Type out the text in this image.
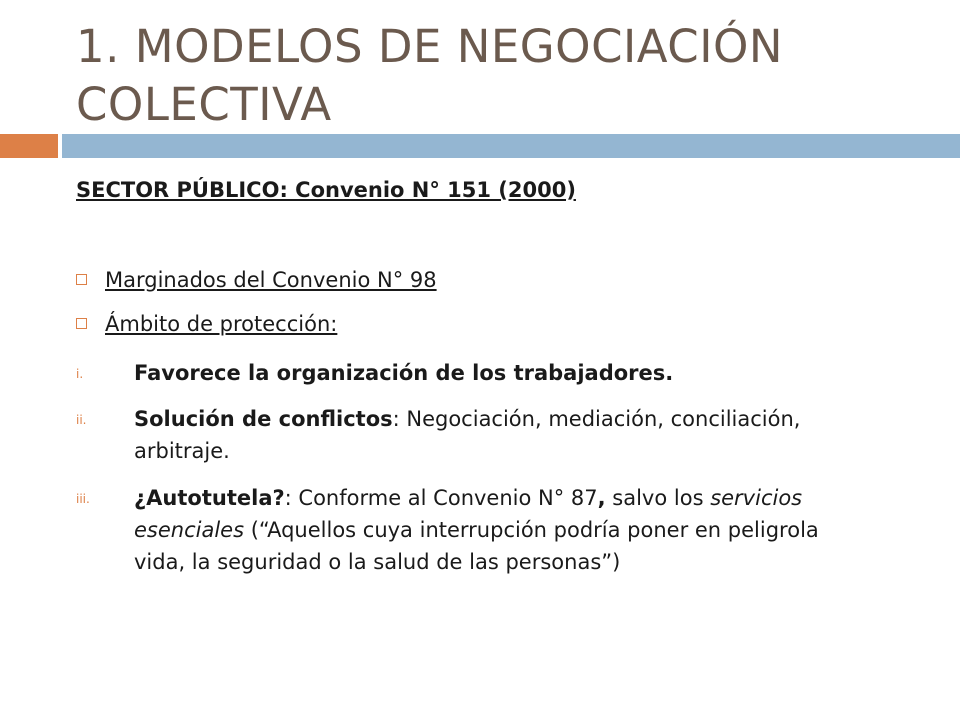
1. MODELOS DE NEGOCIACIÓN
COLECTIVA
SECTOR PÚBLICO: Convenio N° 151 (2000)
Marginados del Convenio N° 98
Ámbito de protección:
i. Favorece la organización de los trabajadores.
ii. Solución de conflictos: Negociación, mediación, conciliación, arbitraje.
iii. ¿Autotutela?: Conforme al Convenio N° 87, salvo los servicios esenciales (“Aquellos cuya interrupción podría poner en peligrola vida, la seguridad o la salud de las personas”)
